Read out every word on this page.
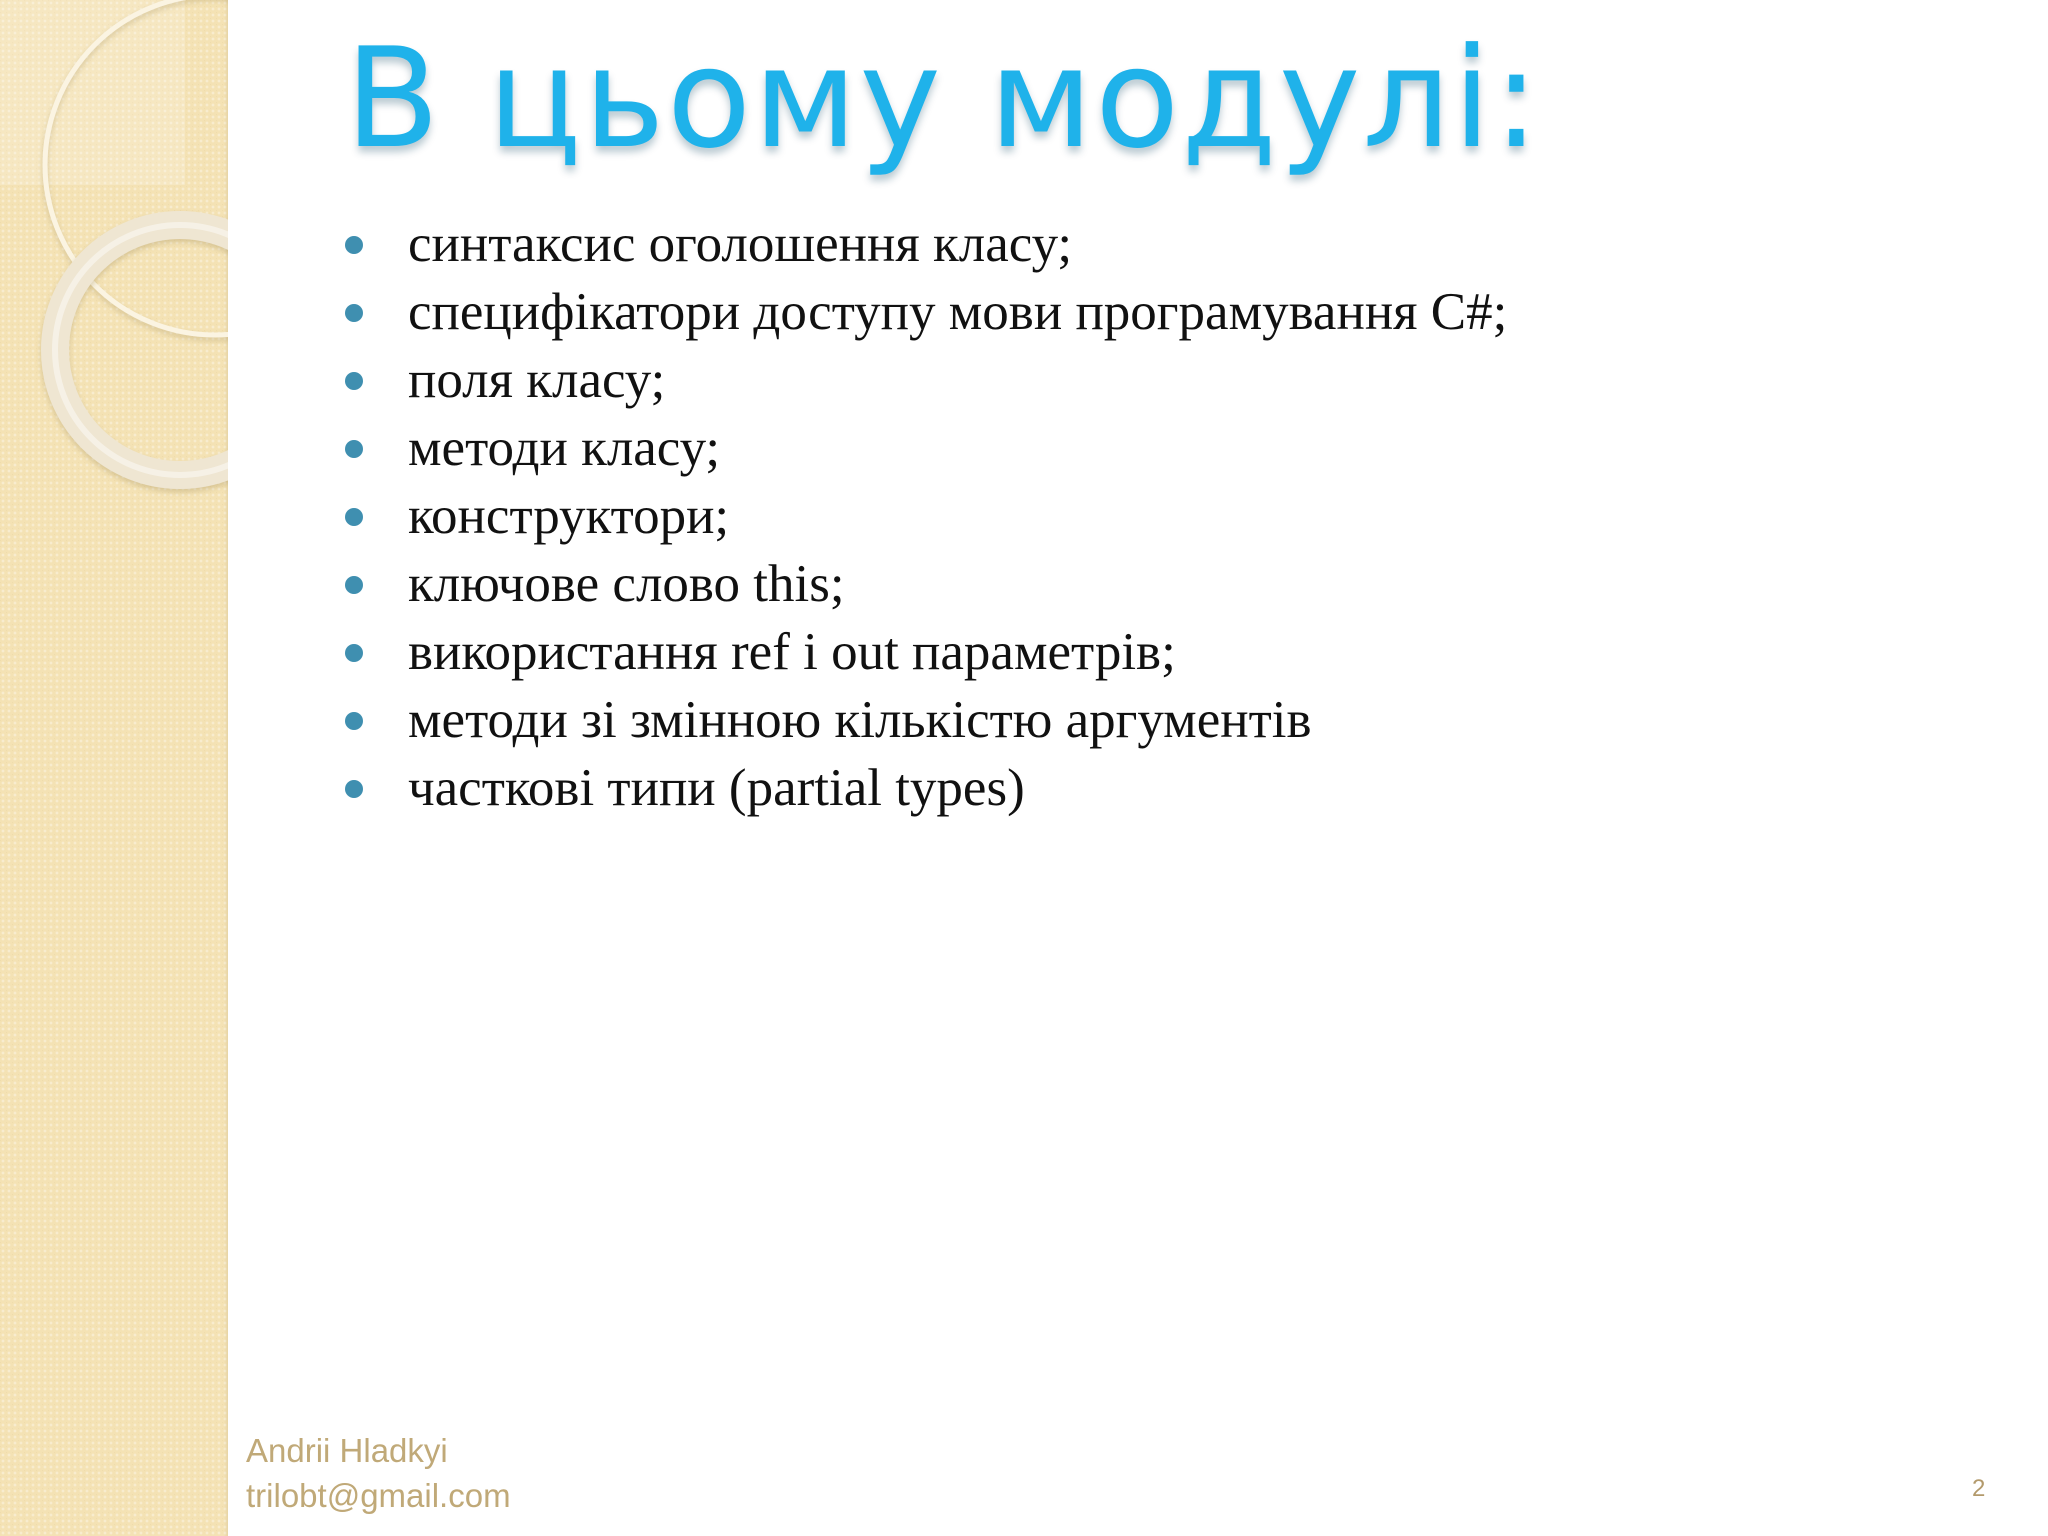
В цьому модулі:
синтаксис оголошення класу;
специфікатори доступу мови програмування C#;
поля класу;
методи класу;
конструктори;
ключове слово this;
використання ref і out параметрів;
методи зі змінною кількістю аргументів
часткові типи (partial types)
Andrii Hladkyi
trilobt@gmail.com	2
